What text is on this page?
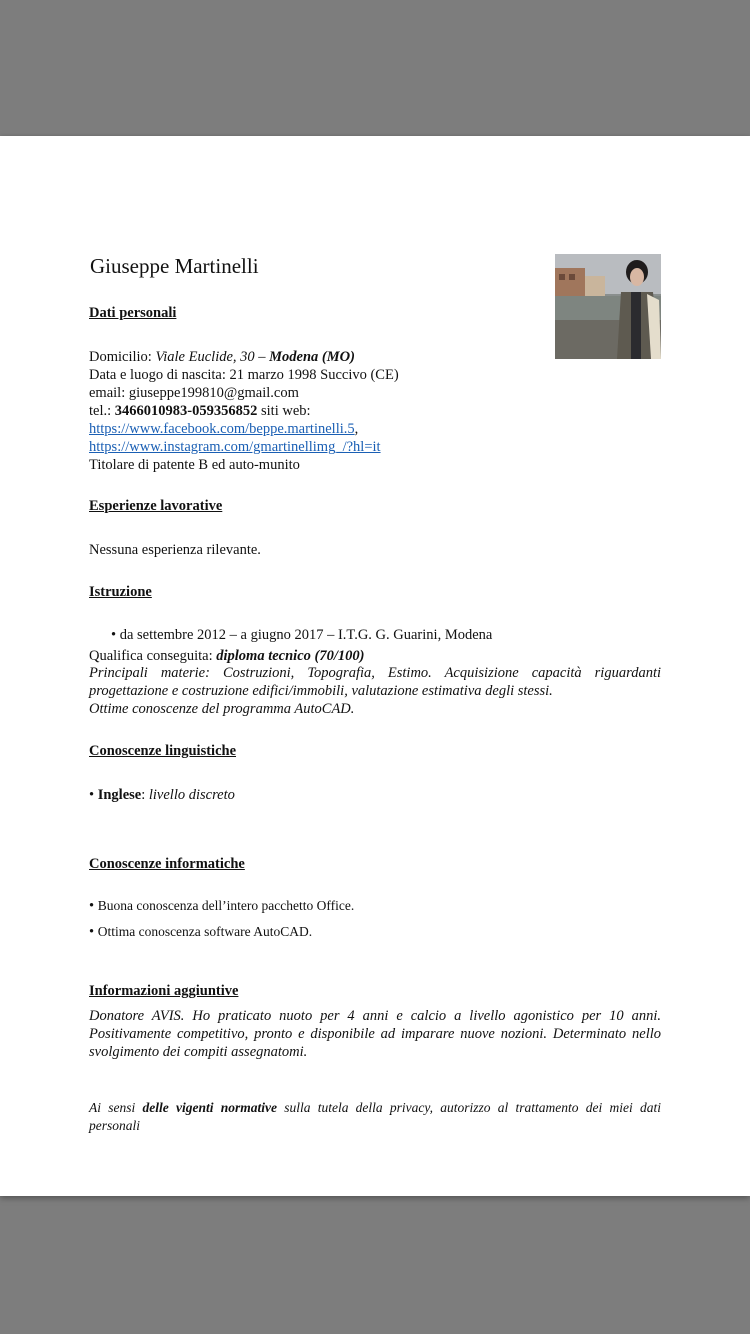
Giuseppe Martinelli
Dati personali
Domicilio: Viale Euclide, 30 – Modena (MO)
Data e luogo di nascita: 21 marzo 1998 Succivo (CE)
email: giuseppe199810@gmail.com
tel.: 3466010983-059356852 siti web:
https://www.facebook.com/beppe.martinelli.5,
https://www.instagram.com/gmartinellimg_/?hl=it
Titolare di patente B ed auto-munito
Esperienze lavorative
Nessuna esperienza rilevante.
Istruzione
• da settembre 2012 – a giugno 2017 – I.T.G. G. Guarini, Modena
Qualifica conseguita: diploma tecnico (70/100)
Principali materie: Costruzioni, Topografia, Estimo. Acquisizione capacità riguardanti progettazione e costruzione edifici/immobili, valutazione estimativa degli stessi.
Ottime conoscenze del programma AutoCAD.
Conoscenze linguistiche
• Inglese: livello discreto
Conoscenze informatiche
• Buona conoscenza dell’intero pacchetto Office.
• Ottima conoscenza software AutoCAD.
Informazioni aggiuntive
Donatore AVIS. Ho praticato nuoto per 4 anni e calcio a livello agonistico per 10 anni. Positivamente competitivo, pronto e disponibile ad imparare nuove nozioni. Determinato nello svolgimento dei compiti assegnatomi.
Ai sensi delle vigenti normative sulla tutela della privacy, autorizzo al trattamento dei miei dati personali
